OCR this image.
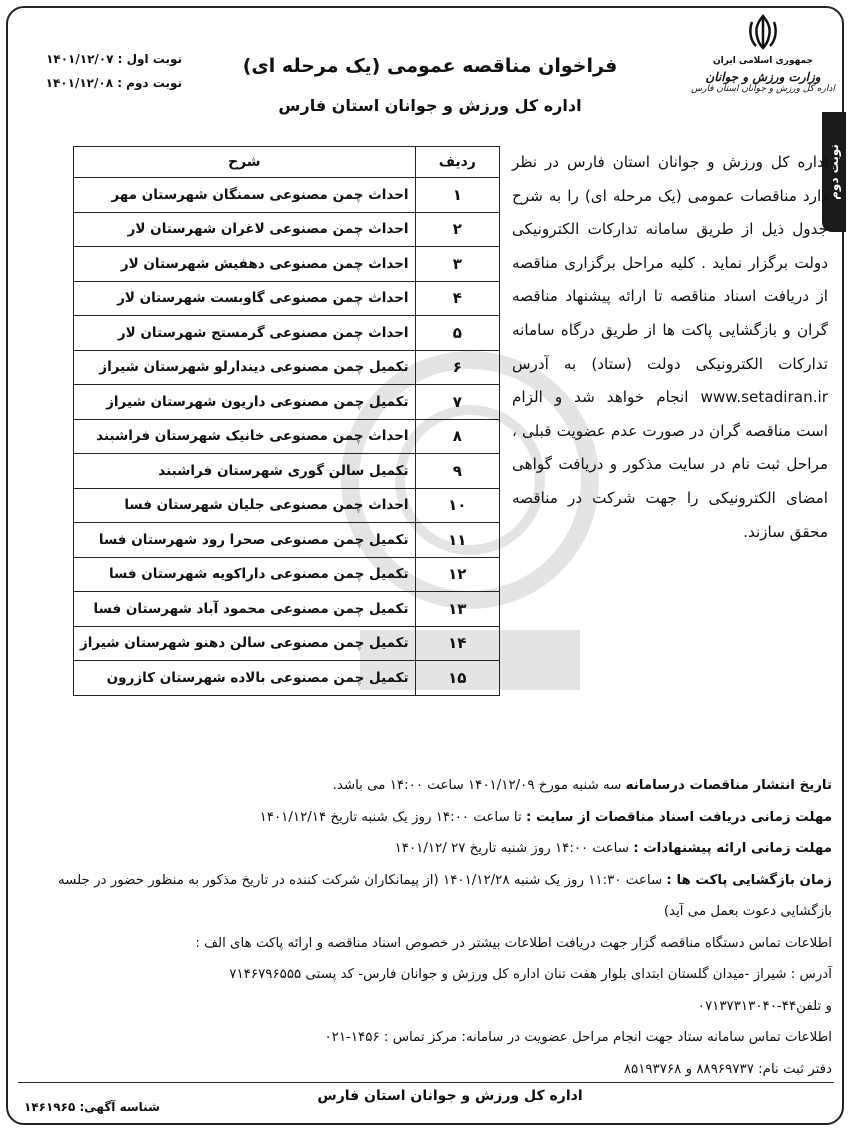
جمهوری اسلامی ایران
وزارت ورزش و جوانان
اداره کل ورزش و جوانان استان فارس
فراخوان مناقصه عمومی (یک مرحله ای)
اداره کل ورزش و جوانان استان فارس
نوبت اول : ۱۴۰۱/۱۲/۰۷
نوبت دوم : ۱۴۰۱/۱۲/۰۸
نوبت دوم
ردیف	شرح
۱	احداث چمن مصنوعی سمنگان شهرستان مهر
۲	احداث چمن مصنوعی لاغران شهرستان لار
۳	احداث چمن مصنوعی دهفیش شهرستان لار
۴	احداث چمن مصنوعی گاوبست شهرستان لار
۵	احداث چمن مصنوعی گرمستج شهرستان لار
۶	تکمیل چمن مصنوعی دیندارلو شهرستان شیراز
۷	تکمیل چمن مصنوعی داریون شهرستان شیراز
۸	احداث چمن مصنوعی خانیک شهرستان فراشبند
۹	تکمیل سالن گوری شهرستان فراشبند
۱۰	احداث چمن مصنوعی جلیان شهرستان فسا
۱۱	تکمیل چمن مصنوعی صحرا رود شهرستان فسا
۱۲	تکمیل چمن مصنوعی داراکویه شهرستان فسا
۱۳	تکمیل چمن مصنوعی محمود آباد شهرستان فسا
۱۴	تکمیل چمن مصنوعی سالن دهنو شهرستان شیراز
۱۵	تکمیل چمن مصنوعی بالاده شهرستان کازرون
اداره کل ورزش و جوانان استان فارس در نظر دارد مناقصات عمومی (یک مرحله ای) را به شرح جدول ذیل از طریق سامانه تدارکات الکترونیکی دولت برگزار نماید . کلیه مراحل برگزاری مناقصه از دریافت اسناد مناقصه تا ارائه پیشنهاد مناقصه گران و بازگشایی پاکت ها از طریق درگاه سامانه تدارکات الکترونیکی دولت (ستاد) به آدرس www.setadiran.ir انجام خواهد شد و الزام است مناقصه گران در صورت عدم عضویت قبلی ، مراحل ثبت نام در سایت مذکور و دریافت گواهی امضای الکترونیکی را جهت شرکت در مناقصه محقق سازند.

تاریخ انتشار مناقصات درسامانه سه شنبه مورخ ۱۴۰۱/۱۲/۰۹ ساعت ۱۴:۰۰ می باشد.

مهلت زمانی دریافت اسناد مناقصات از سایت : تا ساعت ۱۴:۰۰ روز یک شنبه تاریخ ۱۴۰۱/۱۲/۱۴

مهلت زمانی ارائه پیشنهادات : ساعت ۱۴:۰۰ روز شنبه تاریخ ۲۷ /۱۴۰۱/۱۲

زمان بازگشایی پاکت ها : ساعت ۱۱:۳۰ روز یک شنبه ۱۴۰۱/۱۲/۲۸ (از پیمانکاران شرکت کننده در تاریخ مذکور به منظور حضور در جلسه بازگشایی دعوت بعمل می آید)

اطلاعات تماس دستگاه مناقصه گزار جهت دریافت اطلاعات بیشتر در خصوص اسناد مناقصه و ارائه پاکت های الف :

آدرس : شیراز -میدان گلستان ابتدای بلوار هفت تنان اداره کل ورزش و جوانان فارس- کد پستی ۷۱۴۶۷۹۶۵۵۵

و تلفن۴۴-۰۷۱۳۷۳۱۳۰۴۰

اطلاعات تماس سامانه ستاد جهت انجام مراحل عضویت در سامانه: مرکز تماس : ۱۴۵۶-۰۲۱

دفتر ثبت نام: ۸۸۹۶۹۷۳۷ و ۸۵۱۹۳۷۶۸

اداره کل ورزش و جوانان استان فارس
شناسه آگهی: ۱۴۶۱۹۶۵
